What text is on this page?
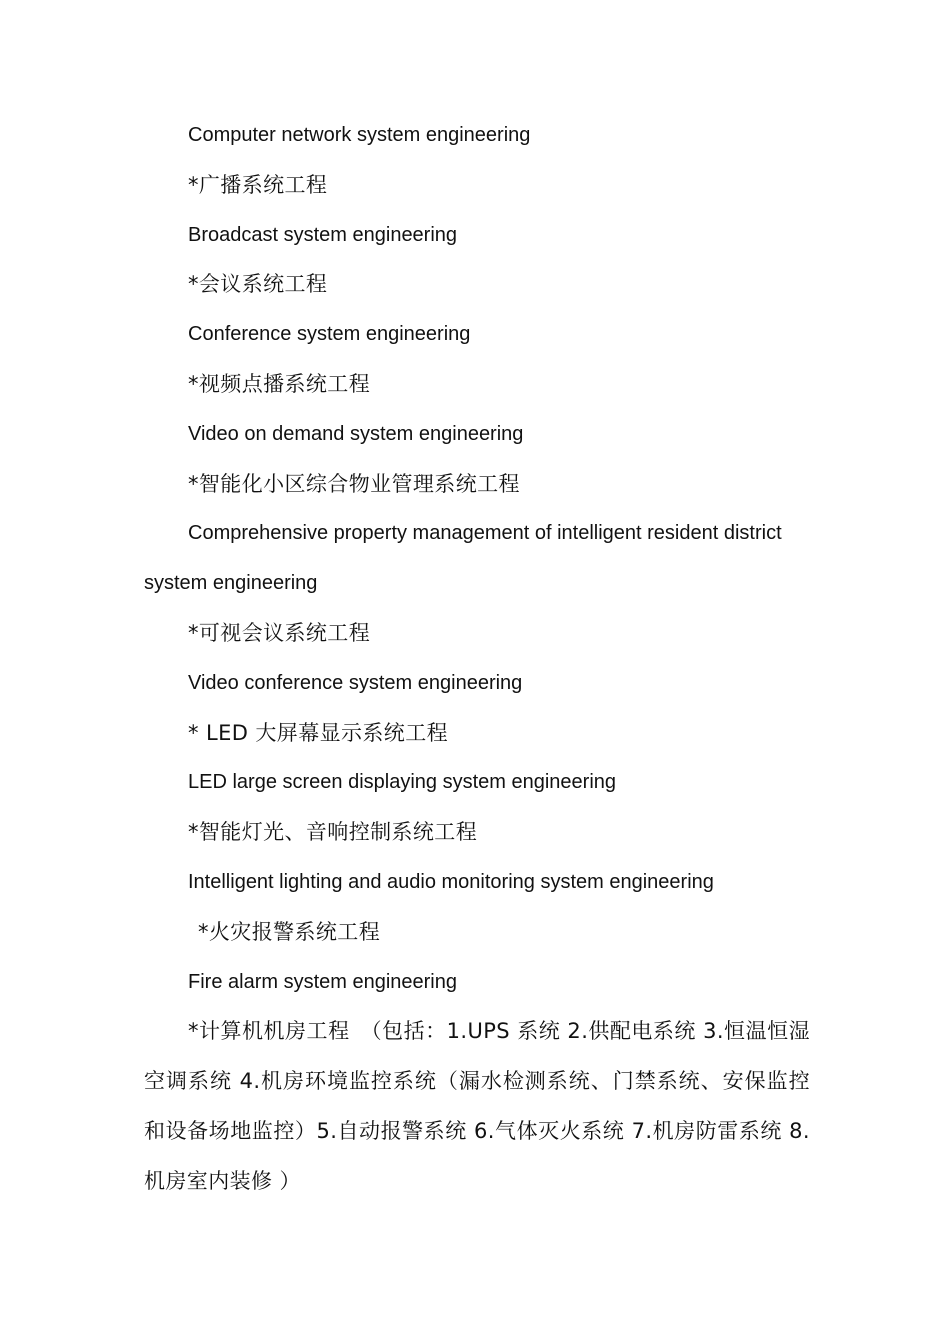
Computer network system engineering

*广播系统工程

Broadcast system engineering

*会议系统工程

Conference system engineering

*视频点播系统工程

Video on demand system engineering

*智能化小区综合物业管理系统工程

Comprehensive property management of intelligent resident district system engineering

*可视会议系统工程

Video conference system engineering

* LED 大屏幕显示系统工程

LED large screen displaying system engineering

*智能灯光、音响控制系统工程

Intelligent lighting and audio monitoring system engineering

*火灾报警系统工程

Fire alarm system engineering

*计算机机房工程　（包括：1.UPS 系统 2.供配电系统 3.恒温恒湿空调系统 4.机房环境监控系统（漏水检测系统、门禁系统、安保监控和设备场地监控）5.自动报警系统 6.气体灭火系统 7.机房防雷系统 8.机房室内装修 ）
